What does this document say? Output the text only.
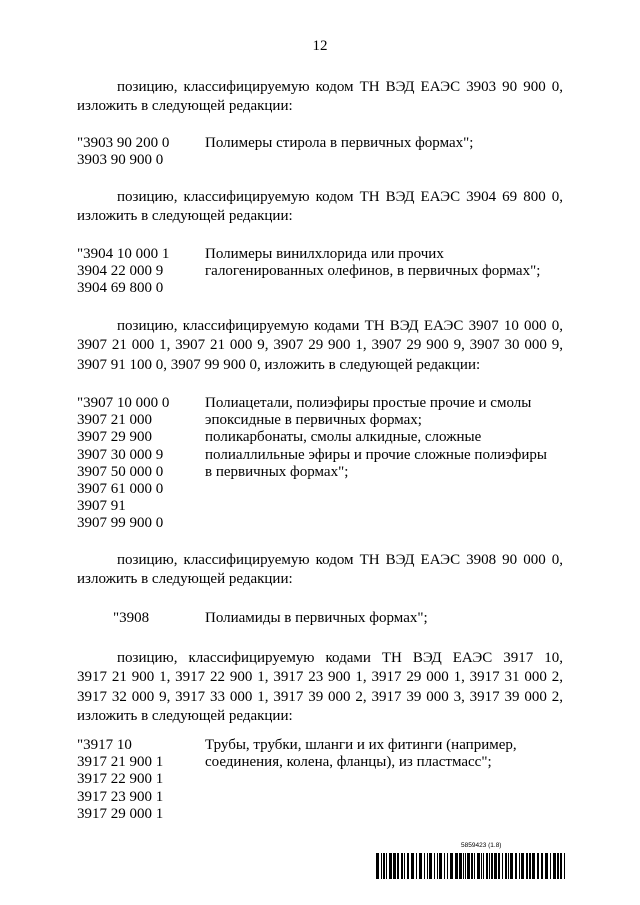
12
позицию, классифицируемую кодом ТН ВЭД ЕАЭС 3903 90 900 0,
изложить в следующей редакции:
"3903 90 200 0
3903 90 900 0
Полимеры стирола в первичных формах";
позицию, классифицируемую кодом ТН ВЭД ЕАЭС 3904 69 800 0,
изложить в следующей редакции:
"3904 10 000 1
3904 22 000 9
3904 69 800 0
Полимеры винилхлорида или прочих
галогенированных олефинов, в первичных формах";
позицию, классифицируемую кодами ТН ВЭД ЕАЭС 3907 10 000 0,
3907 21 000 1, 3907 21 000 9, 3907 29 900 1, 3907 29 900 9, 3907 30 000 9,
3907 91 100 0, 3907 99 900 0, изложить в следующей редакции:
"3907 10 000 0
3907 21 000
3907 29 900
3907 30 000 9
3907 50 000 0
3907 61 000 0
3907 91
3907 99 900 0
Полиацетали, полиэфиры простые прочие и смолы
эпоксидные в первичных формах;
поликарбонаты, смолы алкидные, сложные
полиаллильные эфиры и прочие сложные полиэфиры
в первичных формах";
позицию, классифицируемую кодом ТН ВЭД ЕАЭС 3908 90 000 0,
изложить в следующей редакции:
"3908	Полиамиды в первичных формах";
позицию, классифицируемую кодами ТН ВЭД ЕАЭС 3917 10,
3917 21 900 1, 3917 22 900 1, 3917 23 900 1, 3917 29 000 1, 3917 31 000 2,
3917 32 000 9, 3917 33 000 1, 3917 39 000 2, 3917 39 000 3, 3917 39 000 2,
изложить в следующей редакции:
"3917 10
3917 21 900 1
3917 22 900 1
3917 23 900 1
3917 29 000 1
Трубы, трубки, шланги и их фитинги (например,
соединения, колена, фланцы), из пластмасс";
5859423 (1.8)
